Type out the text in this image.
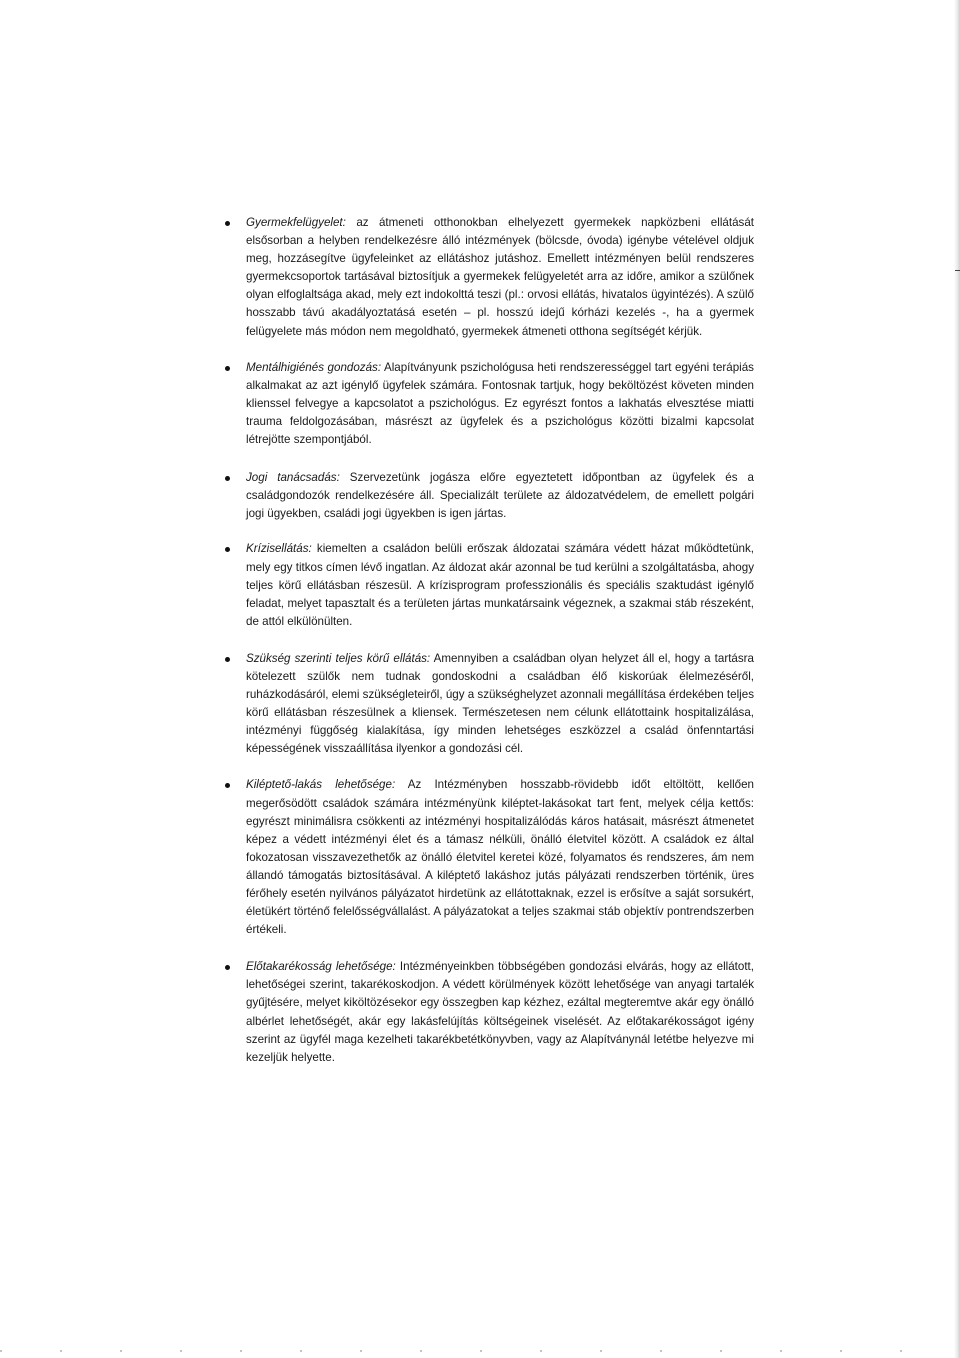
Gyermekfelügyelet: az átmeneti otthonokban elhelyezett gyermekek napközbeni ellátását elsősorban a helyben rendelkezésre álló intézmények (bölcsde, óvoda) igénybe vételével oldjuk meg, hozzásegítve ügyfeleinket az ellátáshoz jutáshoz. Emellett intézményen belül rendszeres gyermekcsoportok tartásával biztosítjuk a gyermekek felügyeletét arra az időre, amikor a szülőnek olyan elfoglaltsága akad, mely ezt indokolttá teszi (pl.: orvosi ellátás, hivatalos ügyintézés). A szülő hosszabb távú akadályoztatásá esetén – pl. hosszú idejű kórházi kezelés -, ha a gyermek felügyelete más módon nem megoldható, gyermekek átmeneti otthona segítségét kérjük.
Mentálhigiénés gondozás: Alapítványunk pszichológusa heti rendszerességgel tart egyéni terápiás alkalmakat az azt igénylő ügyfelek számára. Fontosnak tartjuk, hogy beköltözést követen minden klienssel felvegye a kapcsolatot a pszichológus. Ez egyrészt fontos a lakhatás elvesztése miatti trauma feldolgozásában, másrészt az ügyfelek és a pszichológus közötti bizalmi kapcsolat létrejötte szempontjából.
Jogi tanácsadás: Szervezetünk jogásza előre egyeztetett időpontban az ügyfelek és a családgondozók rendelkezésére áll. Specializált területe az áldozatvédelem, de emellett polgári jogi ügyekben, családi jogi ügyekben is igen jártas.
Krízisellátás: kiemelten a családon belüli erőszak áldozatai számára védett házat működtetünk, mely egy titkos címen lévő ingatlan. Az áldozat akár azonnal be tud kerülni a szolgáltatásba, ahogy teljes körű ellátásban részesül. A krízisprogram professzionális és speciális szaktudást igénylő feladat, melyet tapasztalt és a területen jártas munkatársaink végeznek, a szakmai stáb részeként, de attól elkülönülten.
Szükség szerinti teljes körű ellátás: Amennyiben a családban olyan helyzet áll el, hogy a tartásra kötelezett szülők nem tudnak gondoskodni a családban élő kiskorúak élelmezéséről, ruházkodásáról, elemi szükségleteiről, úgy a szükséghelyzet azonnali megállítása érdekében teljes körű ellátásban részesülnek a kliensek. Természetesen nem célunk ellátottaink hospitalizálása, intézményi függőség kialakítása, így minden lehetséges eszközzel a család önfenntartási képességének visszaállítása ilyenkor a gondozási cél.
Kiléptető-lakás lehetősége: Az Intézményben hosszabb-rövidebb időt eltöltött, kellően megerősödött családok számára intézményünk kiléptet-lakásokat tart fent, melyek célja kettős: egyrészt minimálisra csökkenti az intézményi hospitalizálódás káros hatásait, másrészt átmenetet képez a védett intézményi élet és a támasz nélküli, önálló életvitel között. A családok ez által fokozatosan visszavezethetők az önálló életvitel keretei közé, folyamatos és rendszeres, ám nem állandó támogatás biztosításával. A kiléptető lakáshoz jutás pályázati rendszerben történik, üres férőhely esetén nyilvános pályázatot hirdetünk az ellátottaknak, ezzel is erősítve a saját sorsukért, életükért történő felelősségvállalást. A pályázatokat a teljes szakmai stáb objektív pontrendszerben értékeli.
Előtakarékosság lehetősége: Intézményeinkben többségében gondozási elvárás, hogy az ellátott, lehetőségei szerint, takarékoskodjon. A védett körülmények között lehetősége van anyagi tartalék gyűjtésére, melyet kiköltözésekor egy összegben kap kézhez, ezáltal megteremtve akár egy önálló albérlet lehetőségét, akár egy lakásfelújítás költségeinek viselését. Az előtakarékosságot igény szerint az ügyfél maga kezelheti takarékbetétkönyvben, vagy az Alapítványnál letétbe helyezve mi kezeljük helyette.
